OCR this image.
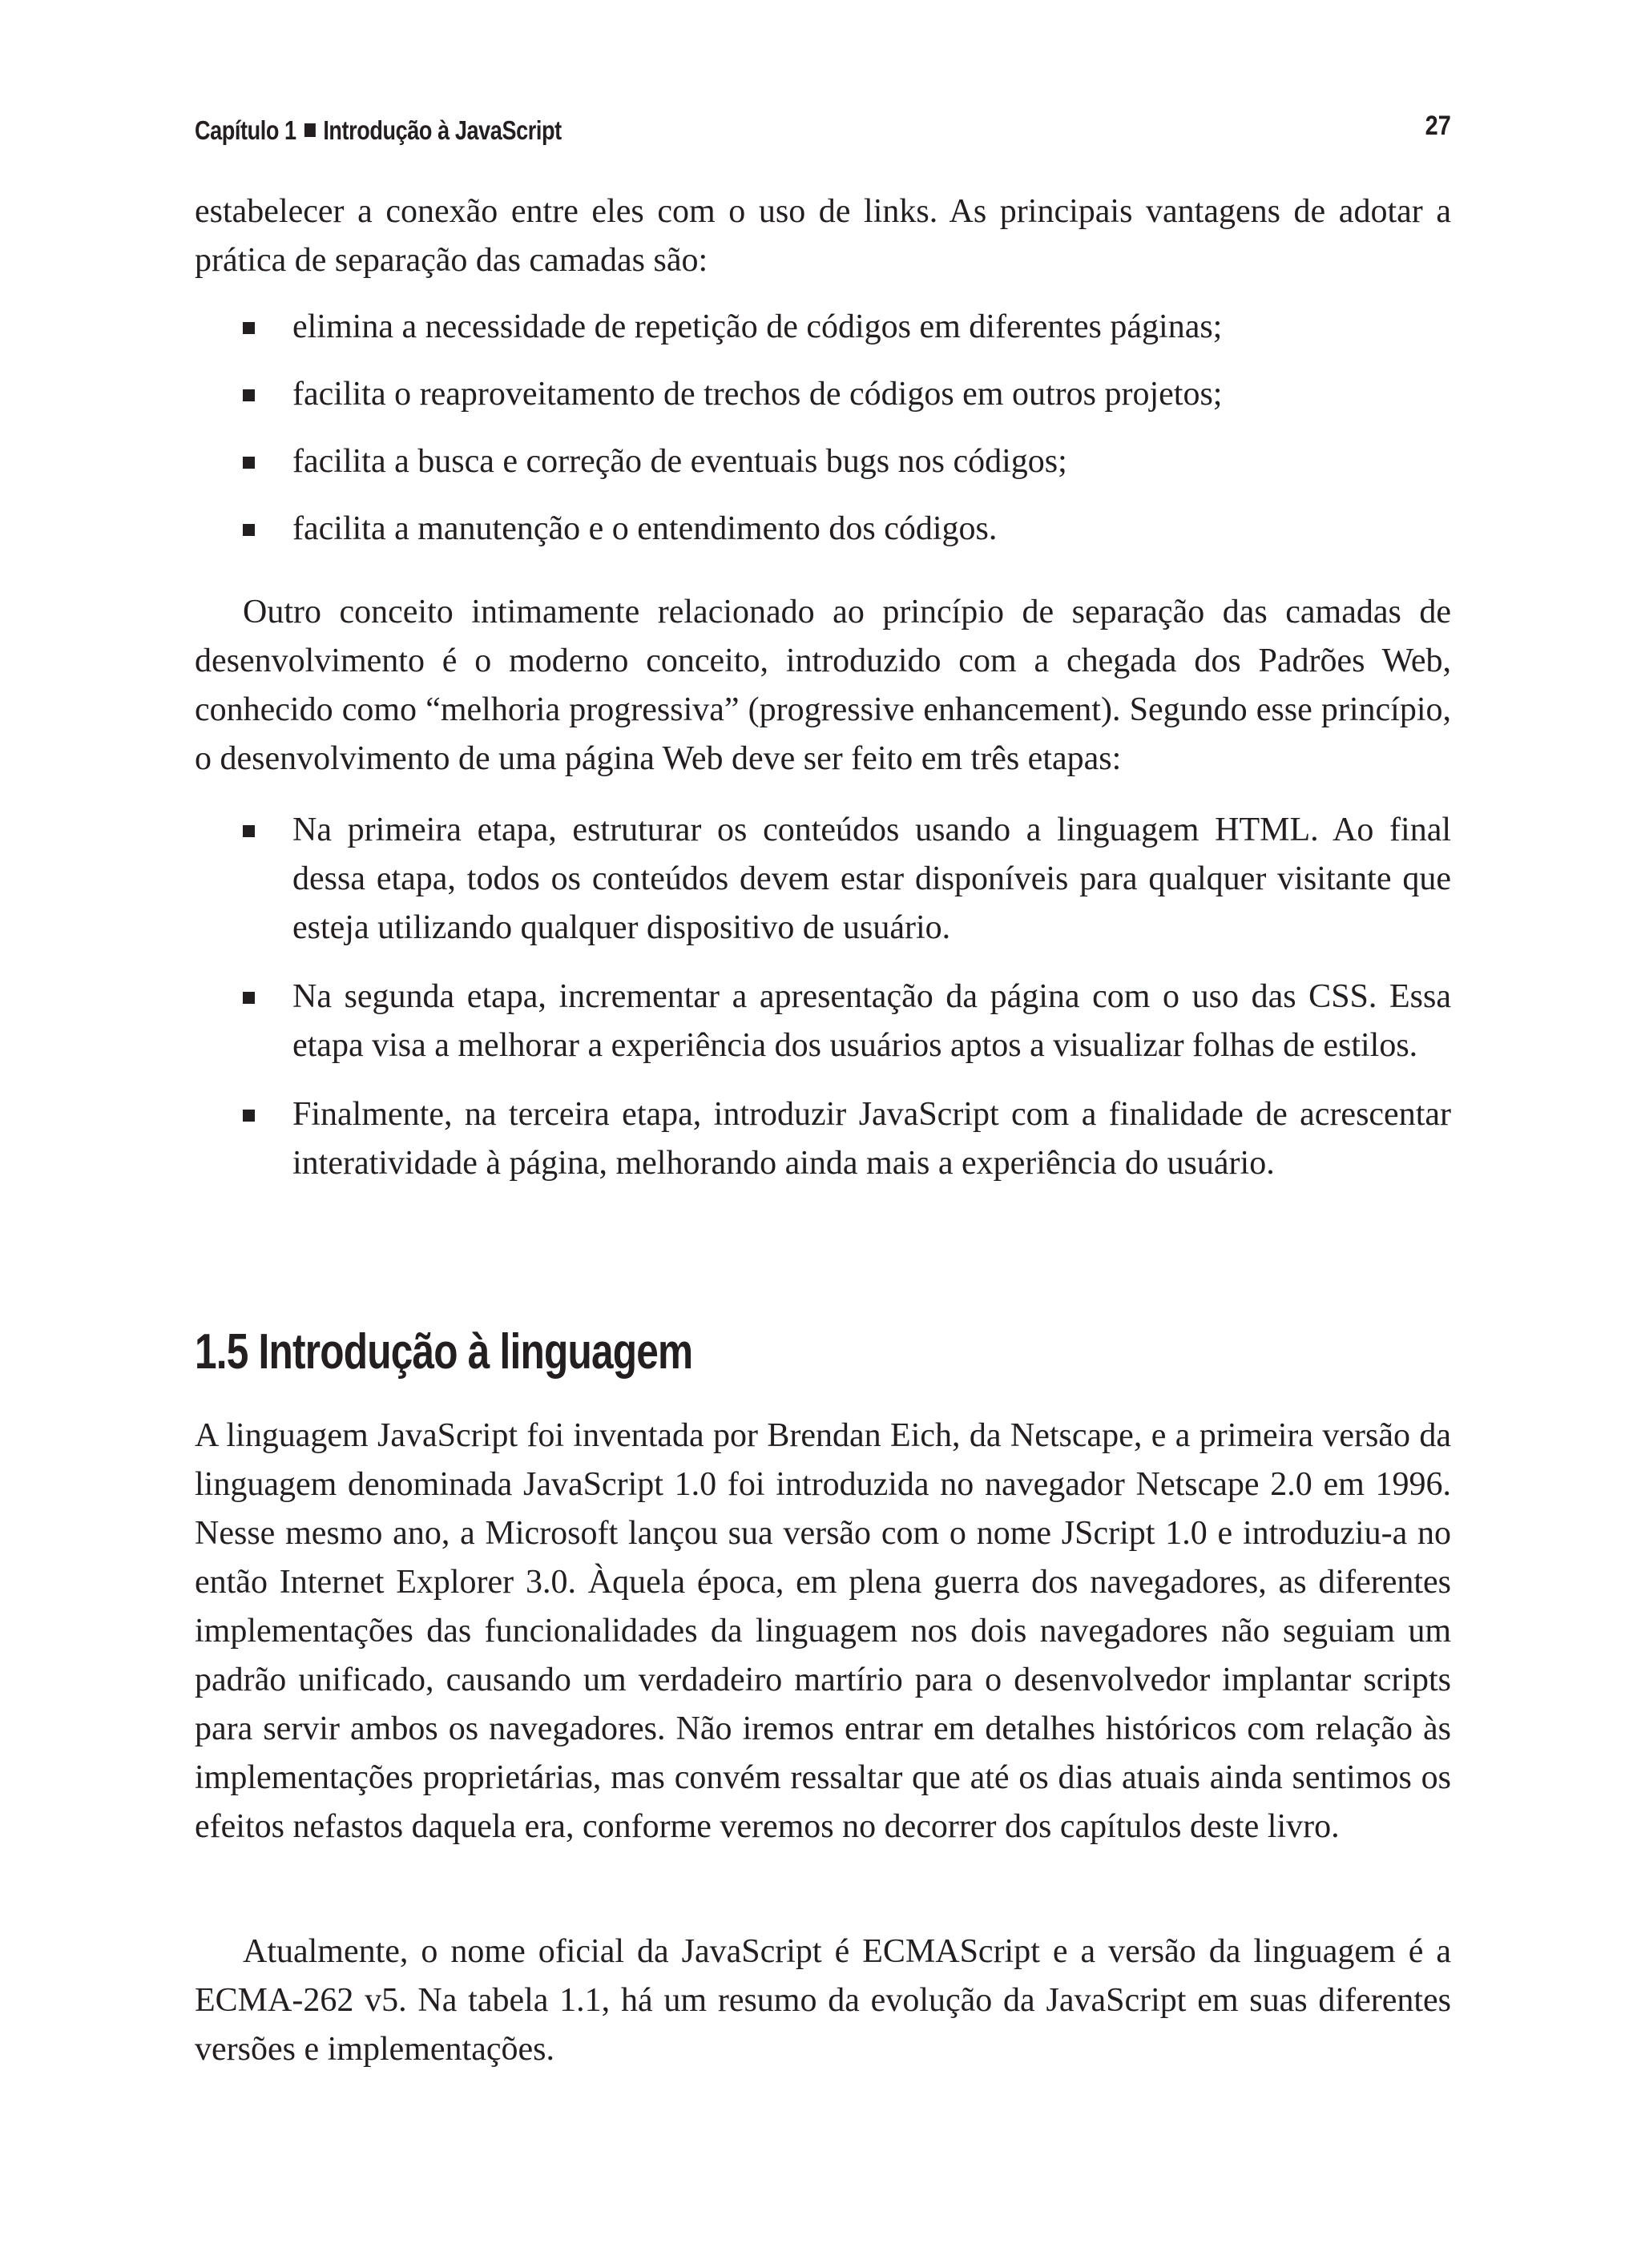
Capítulo 1 Introdução à JavaScript	27

estabelecer a conexão entre eles com o uso de links. As principais vantagens de adotar a prática de separação das camadas são:

elimina a necessidade de repetição de códigos em diferentes páginas;
facilita o reaproveitamento de trechos de códigos em outros projetos;
facilita a busca e correção de eventuais bugs nos códigos;
facilita a manutenção e o entendimento dos códigos.

Outro conceito intimamente relacionado ao princípio de separação das camadas de desenvolvimento é o moderno conceito, introduzido com a chegada dos Padrões Web, conhecido como “melhoria progressiva” (progressive enhancement). Segundo esse princípio, o desenvolvimento de uma página Web deve ser feito em três etapas:

Na primeira etapa, estruturar os conteúdos usando a linguagem HTML. Ao final dessa etapa, todos os conteúdos devem estar disponíveis para qualquer visitante que esteja utilizando qualquer dispositivo de usuário.
Na segunda etapa, incrementar a apresentação da página com o uso das CSS. Essa etapa visa a melhorar a experiência dos usuários aptos a visualizar folhas de estilos.
Finalmente, na terceira etapa, introduzir JavaScript com a finalidade de acrescentar interatividade à página, melhorando ainda mais a experiência do usuário.
1.5 Introdução à linguagem

A linguagem JavaScript foi inventada por Brendan Eich, da Netscape, e a primeira versão da linguagem denominada JavaScript 1.0 foi introduzida no navegador Netscape 2.0 em 1996. Nesse mesmo ano, a Microsoft lançou sua versão com o nome JScript 1.0 e introduziu-a no então Internet Explorer 3.0. Àquela época, em plena guerra dos navegadores, as diferentes implementações das funcionalidades da linguagem nos dois navegadores não seguiam um padrão unificado, causando um verdadeiro martírio para o desenvolvedor implantar scripts para servir ambos os navegadores. Não iremos entrar em detalhes históricos com relação às implementações proprietárias, mas convém ressaltar que até os dias atuais ainda sentimos os efeitos nefastos daquela era, conforme veremos no decorrer dos capítulos deste livro.

Atualmente, o nome oficial da JavaScript é ECMAScript e a versão da linguagem é a ECMA-262 v5. Na tabela 1.1, há um resumo da evolução da JavaScript em suas diferentes versões e implementações.
